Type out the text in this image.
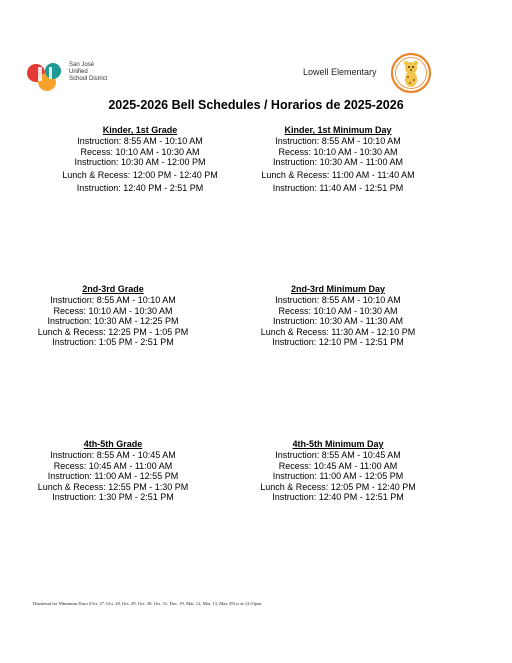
San José
Unified
School District
Lowell Elementary
2025-2026 Bell Schedules / Horarios de 2025-2026
Kinder, 1st Grade
Instruction: 8:55 AM - 10:10 AM
Recess: 10:10 AM - 10:30 AM
Instruction: 10:30 AM - 12:00 PM
Lunch & Recess: 12:00 PM - 12:40 PM
Instruction: 12:40 PM - 2:51 PM
Kinder, 1st Minimum Day
Instruction: 8:55 AM - 10:10 AM
Recess: 10:10 AM - 10:30 AM
Instruction: 10:30 AM - 11:00 AM
Lunch & Recess: 11:00 AM - 11:40 AM
Instruction: 11:40 AM - 12:51 PM
2nd-3rd Grade
Instruction: 8:55 AM - 10:10 AM
Recess: 10:10 AM - 10:30 AM
Instruction: 10:30 AM - 12:25 PM
Lunch & Recess: 12:25 PM - 1:05 PM
Instruction: 1:05 PM - 2:51 PM
2nd-3rd Minimum Day
Instruction: 8:55 AM - 10:10 AM
Recess: 10:10 AM - 10:30 AM
Instruction: 10:30 AM - 11:30 AM
Lunch & Recess: 11:30 AM - 12:10 PM
Instruction: 12:10 PM - 12:51 PM
4th-5th Grade
Instruction: 8:55 AM - 10:45 AM
Recess: 10:45 AM - 11:00 AM
Instruction: 11:00 AM - 12:55 PM
Lunch & Recess: 12:55 PM - 1:30 PM
Instruction: 1:30 PM - 2:51 PM
4th-5th Minimum Day
Instruction: 8:55 AM - 10:45 AM
Recess: 10:45 AM - 11:00 AM
Instruction: 11:00 AM - 12:05 PM
Lunch & Recess: 12:05 PM - 12:40 PM
Instruction: 12:40 PM - 12:51 PM
Dismissal for Minimum Days (Oct. 27, Oct. 28, Oct. 29, Oct. 30, Oct. 31, Dec. 19, Mar. 12, Mar. 13, May 29) is at 12:51pm.
